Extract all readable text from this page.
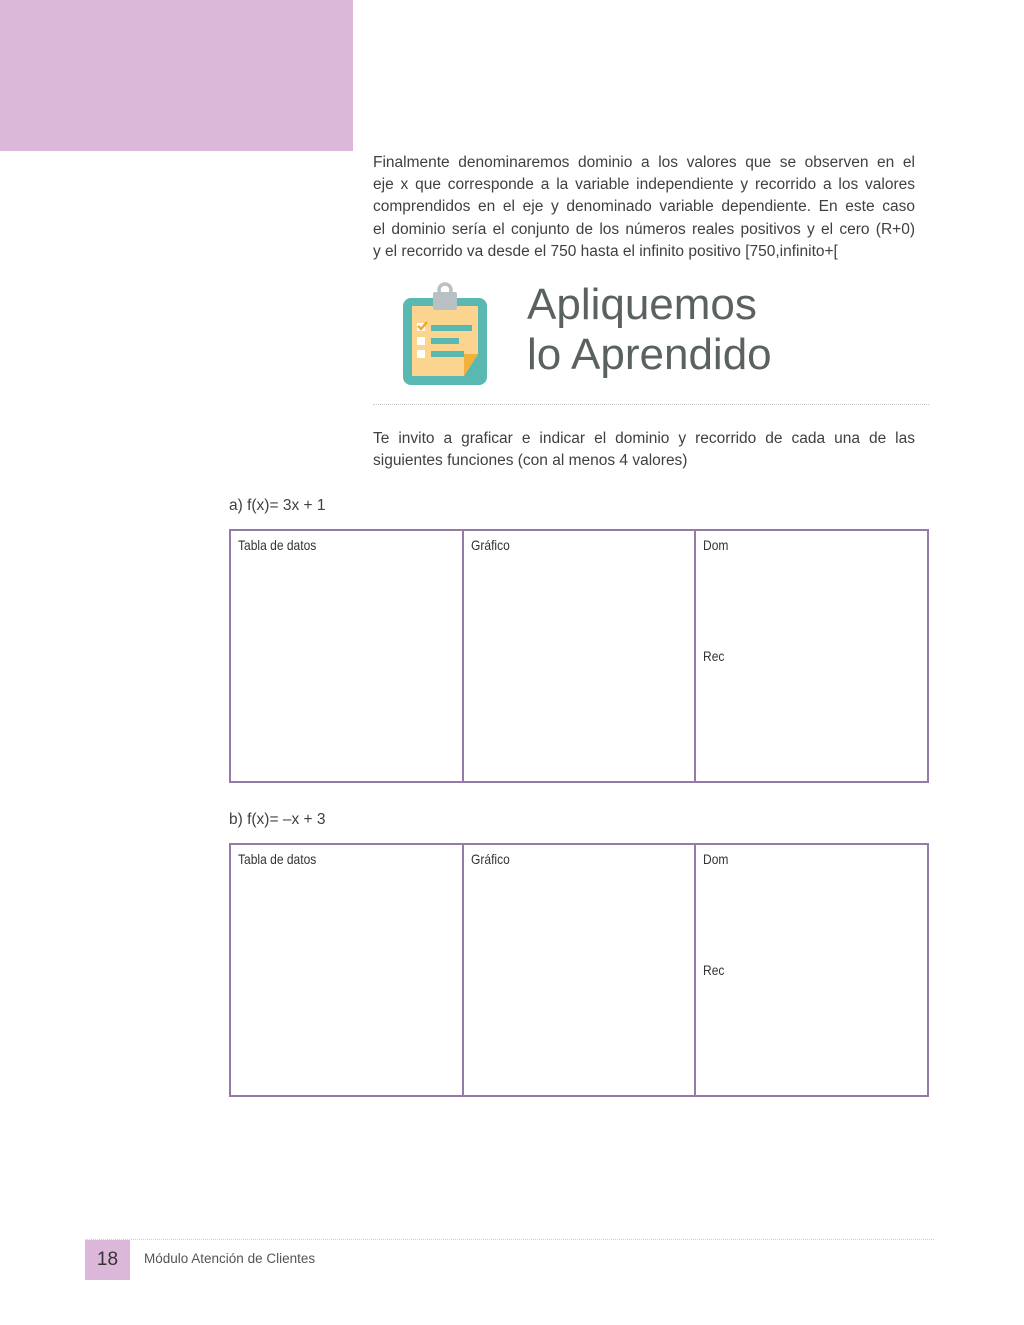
Finalmente denominaremos dominio a los valores que se observen en el
eje x que corresponde a la variable independiente y recorrido a los valores
comprendidos en el eje y denominado variable dependiente. En este caso
el dominio sería el conjunto de los números reales positivos y el cero (R+0)
y el recorrido va desde el 750 hasta el infinito positivo [750,infinito+[

Apliquemos
lo Aprendido

Te invito a graficar e indicar el dominio y recorrido de cada una de las
siguientes funciones (con al menos 4 valores)

a) f(x)= 3x + 1

Tabla de datos	Gráfico	Dom
Rec

b) f(x)= –x + 3

Tabla de datos	Gráfico	Dom
Rec
18	Módulo Atención de Clientes
